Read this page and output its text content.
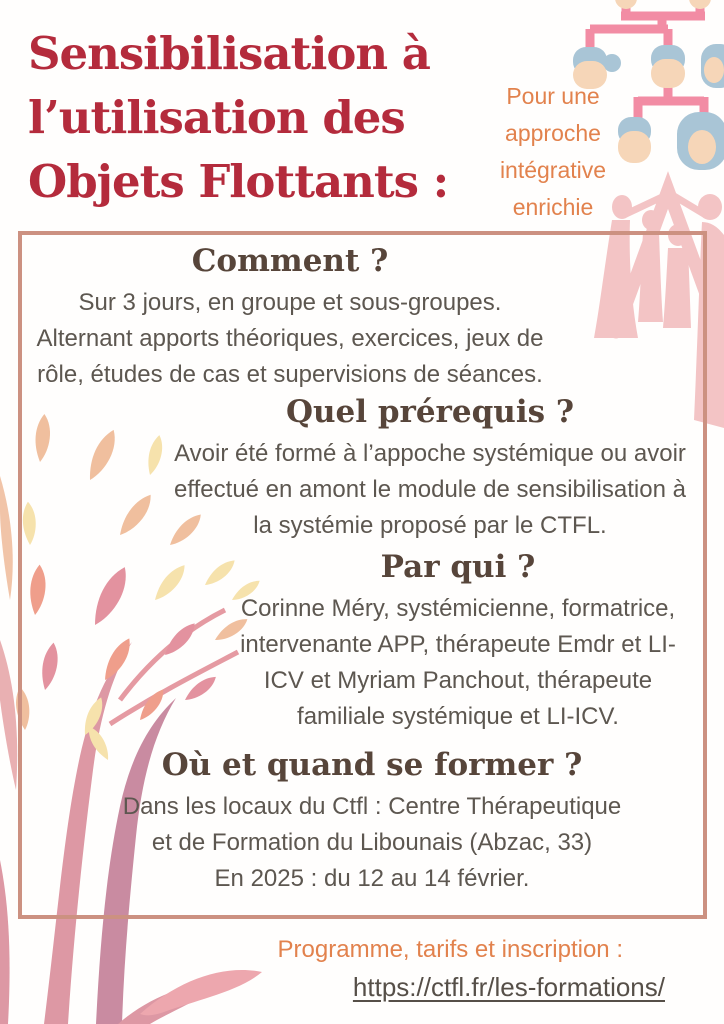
Sensibilisation à
l’utilisation des
Objets Flottants :
Pour une
approche
intégrative
enrichie
Comment ?
Sur 3 jours, en groupe et sous-groupes.
Alternant apports théoriques, exercices, jeux de
rôle, études de cas et supervisions de séances.
Quel prérequis ?
Avoir été formé à l’appoche systémique ou avoir
effectué en amont le module de sensibilisation à
la systémie proposé par le CTFL.
Par qui ?
Corinne Méry, systémicienne, formatrice,
intervenante APP, thérapeute Emdr et LI-
ICV et Myriam Panchout, thérapeute
familiale systémique et LI-ICV.
Où et quand se former ?
Dans les locaux du Ctfl : Centre Thérapeutique
et de Formation du Libounais (Abzac, 33)
En 2025 : du 12 au 14 février.
Programme, tarifs et inscription :
https://ctfl.fr/les-formations/
